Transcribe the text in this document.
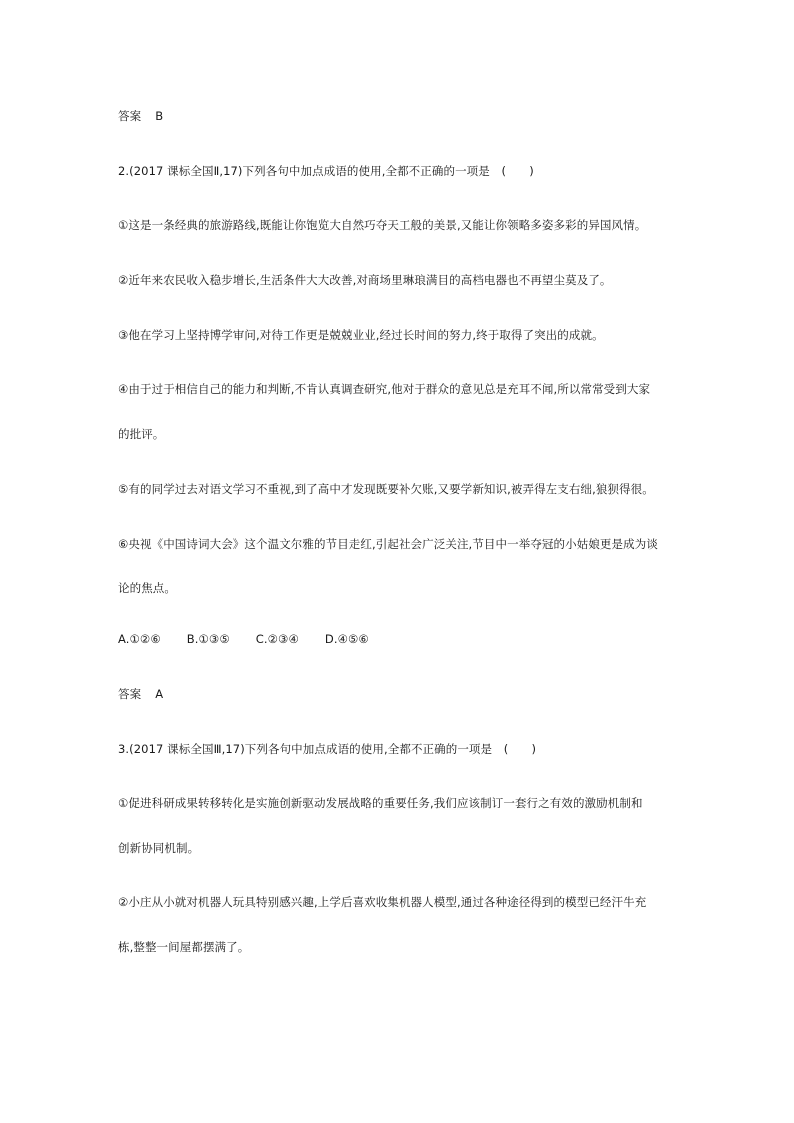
答案 B
2.(2017 课标全国Ⅱ,17)下列各句中加点成语的使用,全都不正确的一项是　(　　)
①这是一条经典的旅游路线,既能让你饱览大自然巧夺天工般的美景,又能让你领略多姿多彩的异国风情。
②近年来农民收入稳步增长,生活条件大大改善,对商场里琳琅满目的高档电器也不再望尘莫及了。
③他在学习上坚持博学审问,对待工作更是兢兢业业,经过长时间的努力,终于取得了突出的成就。
④由于过于相信自己的能力和判断,不肯认真调查研究,他对于群众的意见总是充耳不闻,所以常常受到大家
的批评。
⑤有的同学过去对语文学习不重视,到了高中才发现既要补欠账,又要学新知识,被弄得左支右绌,狼狈得很。
⑥央视《中国诗词大会》这个温文尔雅的节目走红,引起社会广泛关注,节目中一举夺冠的小姑娘更是成为谈
论的焦点。
A.①②⑥ B.①③⑤ C.②③④ D.④⑤⑥
答案 A
3.(2017 课标全国Ⅲ,17)下列各句中加点成语的使用,全都不正确的一项是　(　　)
①促进科研成果转移转化是实施创新驱动发展战略的重要任务,我们应该制订一套行之有效的激励机制和
创新协同机制。
②小庄从小就对机器人玩具特别感兴趣,上学后喜欢收集机器人模型,通过各种途径得到的模型已经汗牛充
栋,整整一间屋都摆满了。
